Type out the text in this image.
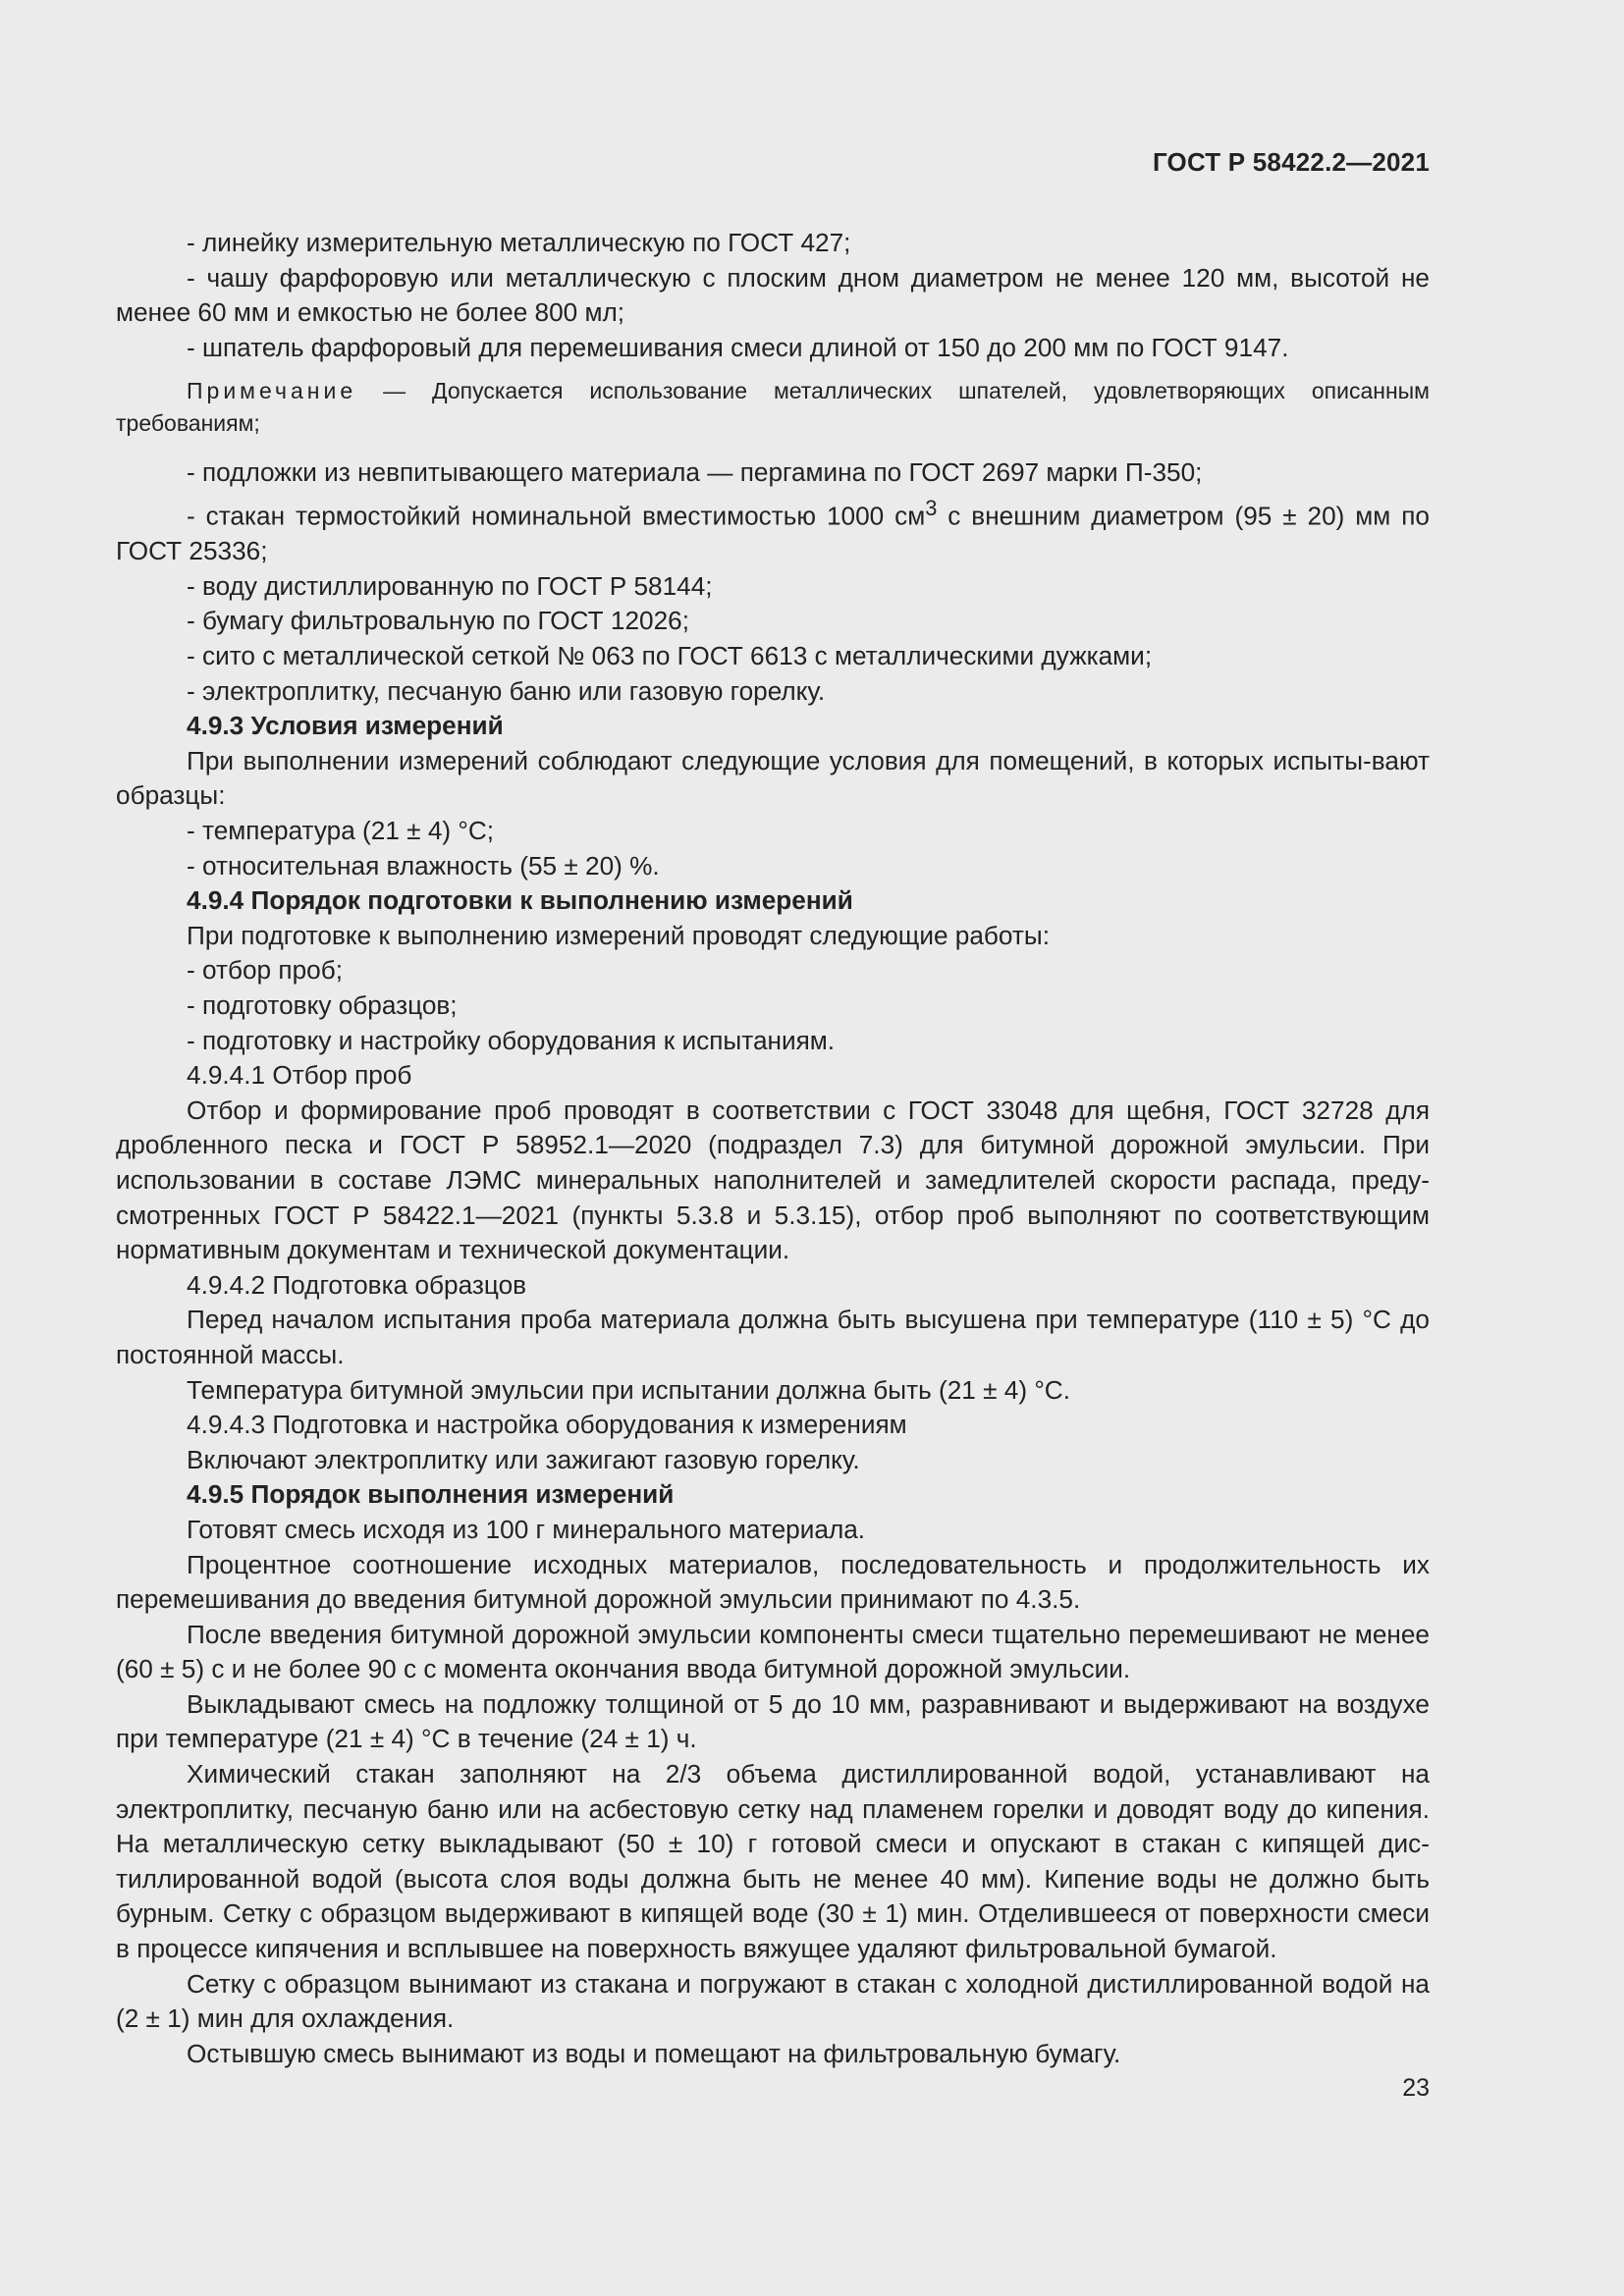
ГОСТ Р 58422.2—2021

- линейку измерительную металлическую по ГОСТ 427;

- чашу фарфоровую или металлическую с плоским дном диаметром не менее 120 мм, высотой не менее 60 мм и емкостью не более 800 мл;

- шпатель фарфоровый для перемешивания смеси длиной от 150 до 200 мм по ГОСТ 9147.

Примечание — Допускается использование металлических шпателей, удовлетворяющих описанным требованиям;

- подложки из невпитывающего материала — пергамина по ГОСТ 2697 марки П-350;

- стакан термостойкий номинальной вместимостью 1000 $см^3$ с внешним диаметром (95 ± 20) мм по ГОСТ 25336;

- воду дистиллированную по ГОСТ Р 58144;

- бумагу фильтровальную по ГОСТ 12026;

- сито с металлической сеткой № 063 по ГОСТ 6613 с металлическими дужками;

- электроплитку, песчаную баню или газовую горелку.

4.9.3 Условия измерений

При выполнении измерений соблюдают следующие условия для помещений, в которых испыты-вают образцы:

- температура (21 ± 4) °С;

- относительная влажность (55 ± 20) %.

4.9.4 Порядок подготовки к выполнению измерений

При подготовке к выполнению измерений проводят следующие работы:

- отбор проб;

- подготовку образцов;

- подготовку и настройку оборудования к испытаниям.

4.9.4.1 Отбор проб

Отбор и формирование проб проводят в соответствии с ГОСТ 33048 для щебня, ГОСТ 32728 для дробленного песка и ГОСТ Р 58952.1—2020 (подраздел 7.3) для битумной дорожной эмульсии. При использовании в составе ЛЭМС минеральных наполнителей и замедлителей скорости распада, преду-смотренных ГОСТ Р 58422.1—2021 (пункты 5.3.8 и 5.3.15), отбор проб выполняют по соответствующим нормативным документам и технической документации.

4.9.4.2 Подготовка образцов

Перед началом испытания проба материала должна быть высушена при температуре (110 ± 5) °С до постоянной массы.

Температура битумной эмульсии при испытании должна быть (21 ± 4) °С.

4.9.4.3 Подготовка и настройка оборудования к измерениям

Включают электроплитку или зажигают газовую горелку.

4.9.5 Порядок выполнения измерений

Готовят смесь исходя из 100 г минерального материала.

Процентное соотношение исходных материалов, последовательность и продолжительность их перемешивания до введения битумной дорожной эмульсии принимают по 4.3.5.

После введения битумной дорожной эмульсии компоненты смеси тщательно перемешивают не менее (60 ± 5) с и не более 90 с с момента окончания ввода битумной дорожной эмульсии.

Выкладывают смесь на подложку толщиной от 5 до 10 мм, разравнивают и выдерживают на воздухе при температуре (21 ± 4) °С в течение (24 ± 1) ч.

Химический стакан заполняют на 2/3 объема дистиллированной водой, устанавливают на электроплитку, песчаную баню или на асбестовую сетку над пламенем горелки и доводят воду до кипения. На металлическую сетку выкладывают (50 ± 10) г готовой смеси и опускают в стакан с кипящей дис-тиллированной водой (высота слоя воды должна быть не менее 40 мм). Кипение воды не должно быть бурным. Сетку с образцом выдерживают в кипящей воде (30 ± 1) мин. Отделившееся от поверхности смеси в процессе кипячения и всплывшее на поверхность вяжущее удаляют фильтровальной бумагой.

Сетку с образцом вынимают из стакана и погружают в стакан с холодной дистиллированной водой на (2 ± 1) мин для охлаждения.

Остывшую смесь вынимают из воды и помещают на фильтровальную бумагу.

23
